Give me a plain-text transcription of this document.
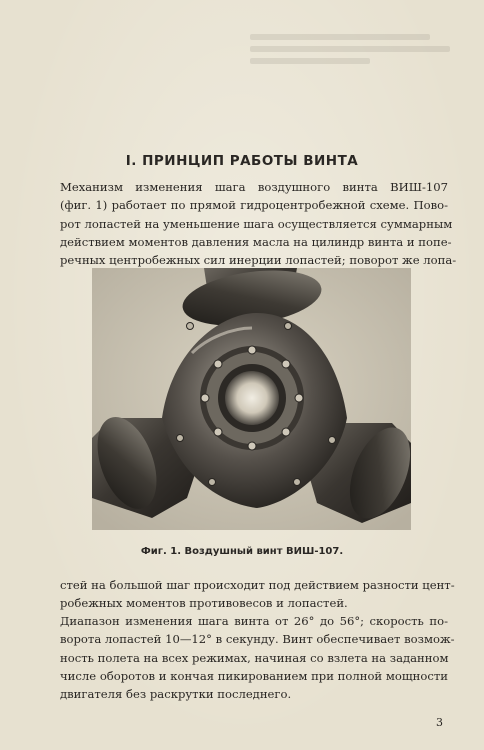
I. ПРИНЦИП РАБОТЫ ВИНТА
Механизм изменения шага воздушного винта ВИШ-107
(фиг. 1) работает по прямой гидроцентробежной схеме. Пово-
рот лопастей на уменьшение шага осуществляется суммарным
действием моментов давления масла на цилиндр винта и попе-
речных центробежных сил инерции лопастей; поворот же лопа-
Фиг. 1. Воздушный винт ВИШ-107.
стей на большой шаг происходит под действием разности цент-
робежных моментов противовесов и лопастей.
Диапазон изменения шага винта от 26° до 56°; скорость по-
ворота лопастей 10—12° в секунду. Винт обеспечивает возмож-
ность полета на всех режимах, начиная со взлета на заданном
числе оборотов и кончая пикированием при полной мощности
двигателя без раскрутки последнего.
3
